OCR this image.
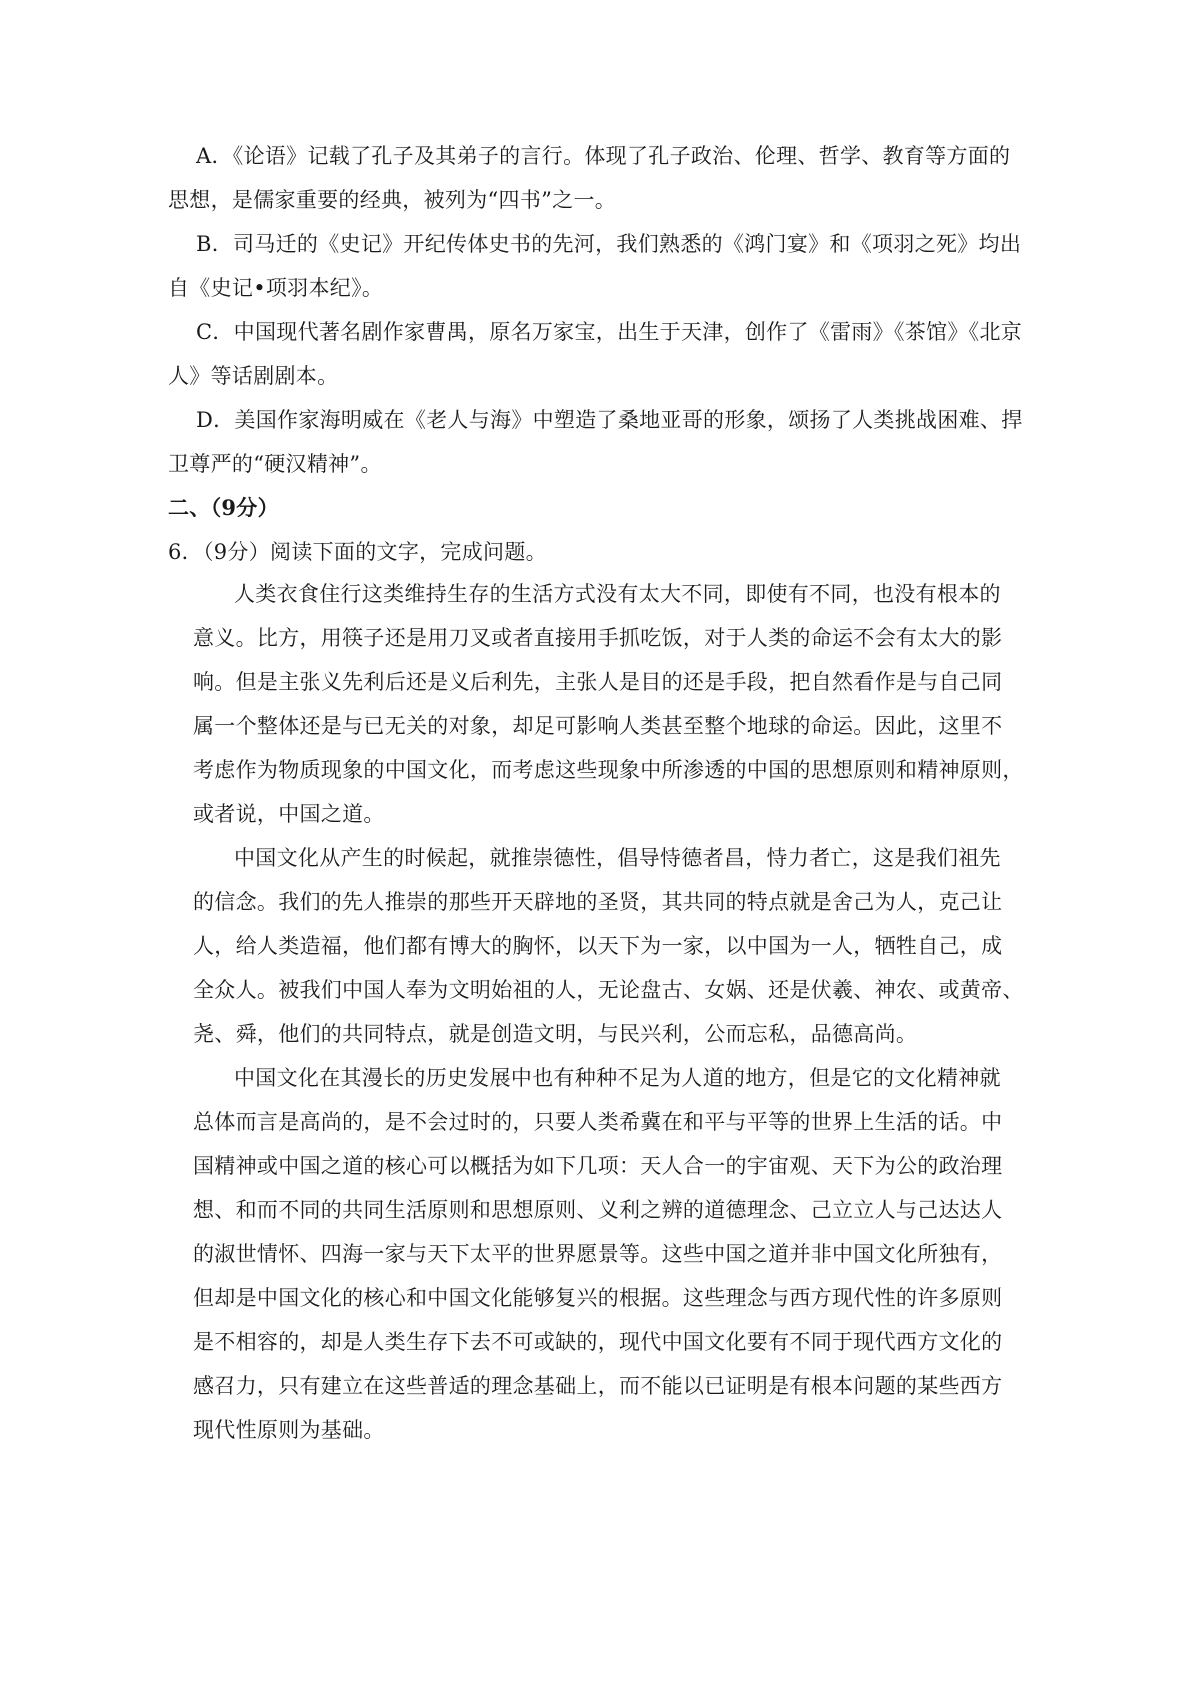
A．《论语》记载了孔子及其弟子的言行。体现了孔子政治、伦理、哲学、教育等方面的
思想，是儒家重要的经典，被列为“四书”之一。
B．司马迁的《史记》开纪传体史书的先河，我们熟悉的《鸿门宴》和《项羽之死》均出
自《史记•项羽本纪》。
C．中国现代著名剧作家曹禺，原名万家宝，出生于天津，创作了《雷雨》《茶馆》《北京
人》等话剧剧本。
D．美国作家海明威在《老人与海》中塑造了桑地亚哥的形象，颂扬了人类挑战困难、捍
卫尊严的“硬汉精神”。
二、（9分）
6．（9分）阅读下面的文字，完成问题。
人类衣食住行这类维持生存的生活方式没有太大不同，即使有不同，也没有根本的
意义。比方，用筷子还是用刀叉或者直接用手抓吃饭，对于人类的命运不会有太大的影
响。但是主张义先利后还是义后利先，主张人是目的还是手段，把自然看作是与自己同
属一个整体还是与已无关的对象，却足可影响人类甚至整个地球的命运。因此，这里不
考虑作为物质现象的中国文化，而考虑这些现象中所渗透的中国的思想原则和精神原则，
或者说，中国之道。
中国文化从产生的时候起，就推崇德性，倡导恃德者昌，恃力者亡，这是我们祖先
的信念。我们的先人推崇的那些开天辟地的圣贤，其共同的特点就是舍己为人，克己让
人，给人类造福，他们都有博大的胸怀，以天下为一家，以中国为一人，牺牲自己，成
全众人。被我们中国人奉为文明始祖的人，无论盘古、女娲、还是伏羲、神农、或黄帝、
尧、舜，他们的共同特点，就是创造文明，与民兴利，公而忘私，品德高尚。
中国文化在其漫长的历史发展中也有种种不足为人道的地方，但是它的文化精神就
总体而言是高尚的，是不会过时的，只要人类希冀在和平与平等的世界上生活的话。中
国精神或中国之道的核心可以概括为如下几项：天人合一的宇宙观、天下为公的政治理
想、和而不同的共同生活原则和思想原则、义利之辨的道德理念、己立立人与己达达人
的淑世情怀、四海一家与天下太平的世界愿景等。这些中国之道并非中国文化所独有，
但却是中国文化的核心和中国文化能够复兴的根据。这些理念与西方现代性的许多原则
是不相容的，却是人类生存下去不可或缺的，现代中国文化要有不同于现代西方文化的
感召力，只有建立在这些普适的理念基础上，而不能以已证明是有根本问题的某些西方
现代性原则为基础。
